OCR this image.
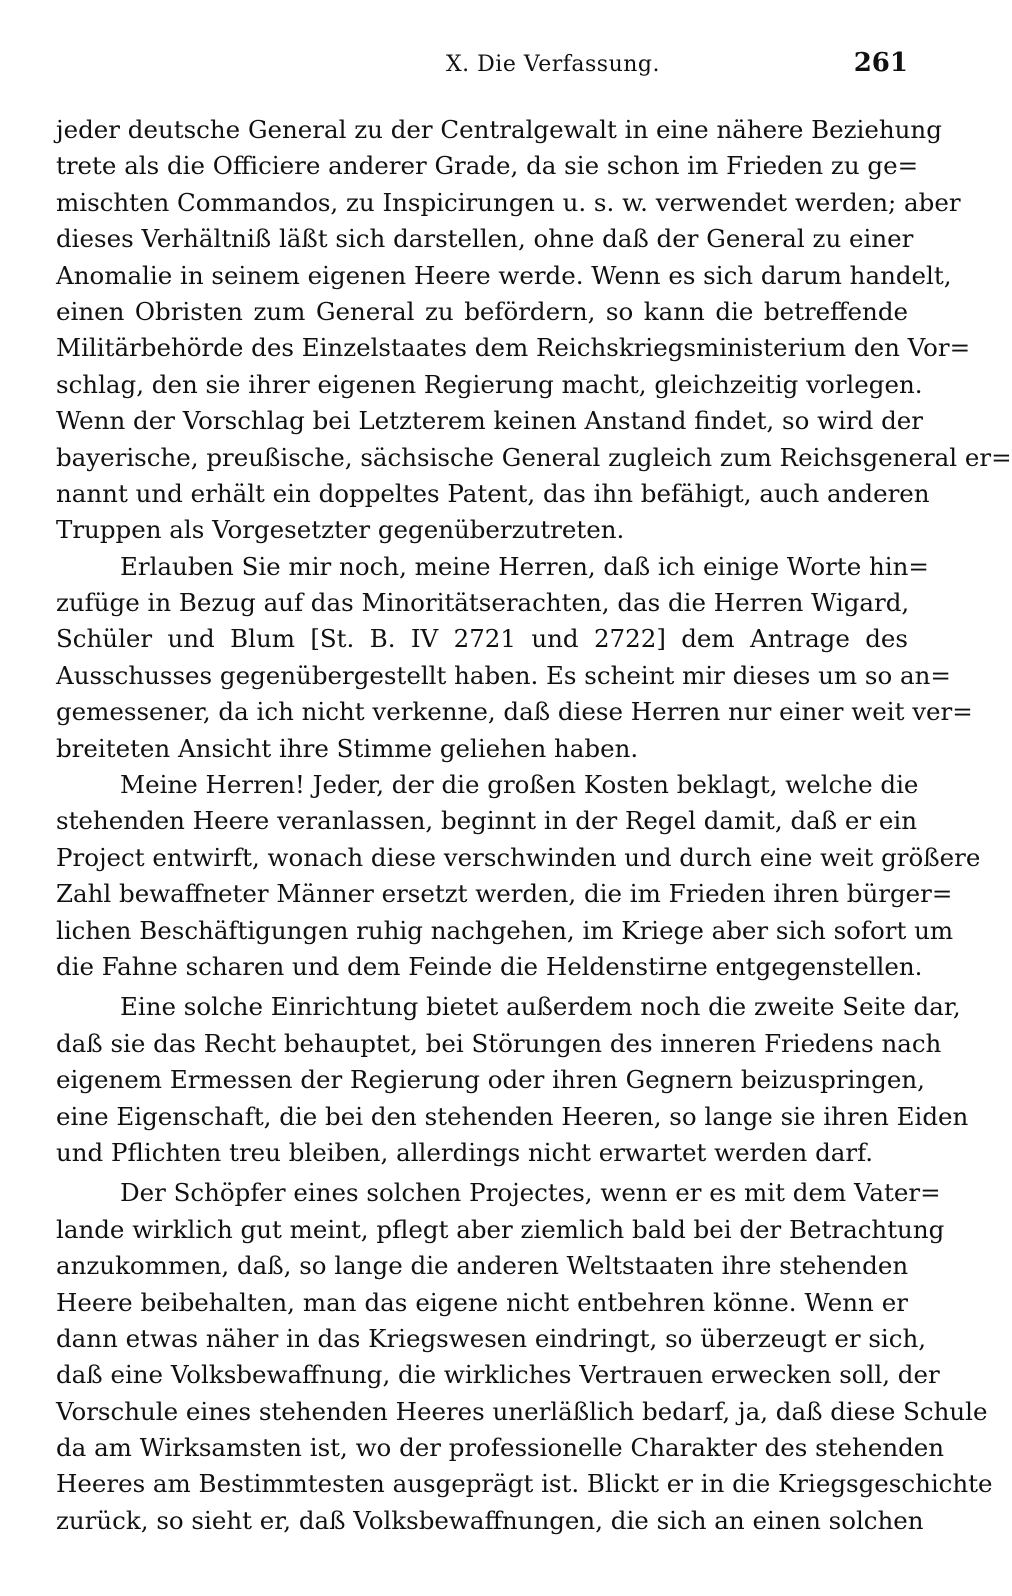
X. Die Verfassung.	261
jeder deutsche General zu der Centralgewalt in eine nähere Beziehung
trete als die Officiere anderer Grade, da sie schon im Frieden zu ge=
mischten Commandos, zu Inspicirungen u. s. w. verwendet werden; aber
dieses Verhältniß läßt sich darstellen, ohne daß der General zu einer
Anomalie in seinem eigenen Heere werde. Wenn es sich darum handelt,
einen Obristen zum General zu befördern, so kann die betreffende
Militärbehörde des Einzelstaates dem Reichskriegsministerium den Vor=
schlag, den sie ihrer eigenen Regierung macht, gleichzeitig vorlegen.
Wenn der Vorschlag bei Letzterem keinen Anstand findet, so wird der
bayerische, preußische, sächsische General zugleich zum Reichsgeneral er=
nannt und erhält ein doppeltes Patent, das ihn befähigt, auch anderen
Truppen als Vorgesetzter gegenüberzutreten.
Erlauben Sie mir noch, meine Herren, daß ich einige Worte hin=
zufüge in Bezug auf das Minoritätserachten, das die Herren Wigard,
Schüler und Blum [St. B. IV 2721 und 2722] dem Antrage des
Ausschusses gegenübergestellt haben. Es scheint mir dieses um so an=
gemessener, da ich nicht verkenne, daß diese Herren nur einer weit ver=
breiteten Ansicht ihre Stimme geliehen haben.
Meine Herren! Jeder, der die großen Kosten beklagt, welche die
stehenden Heere veranlassen, beginnt in der Regel damit, daß er ein
Project entwirft, wonach diese verschwinden und durch eine weit größere
Zahl bewaffneter Männer ersetzt werden, die im Frieden ihren bürger=
lichen Beschäftigungen ruhig nachgehen, im Kriege aber sich sofort um
die Fahne scharen und dem Feinde die Heldenstirne entgegenstellen.
Eine solche Einrichtung bietet außerdem noch die zweite Seite dar,
daß sie das Recht behauptet, bei Störungen des inneren Friedens nach
eigenem Ermessen der Regierung oder ihren Gegnern beizuspringen,
eine Eigenschaft, die bei den stehenden Heeren, so lange sie ihren Eiden
und Pflichten treu bleiben, allerdings nicht erwartet werden darf.
Der Schöpfer eines solchen Projectes, wenn er es mit dem Vater=
lande wirklich gut meint, pflegt aber ziemlich bald bei der Betrachtung
anzukommen, daß, so lange die anderen Weltstaaten ihre stehenden
Heere beibehalten, man das eigene nicht entbehren könne. Wenn er
dann etwas näher in das Kriegswesen eindringt, so überzeugt er sich,
daß eine Volksbewaffnung, die wirkliches Vertrauen erwecken soll, der
Vorschule eines stehenden Heeres unerläßlich bedarf, ja, daß diese Schule
da am Wirksamsten ist, wo der professionelle Charakter des stehenden
Heeres am Bestimmtesten ausgeprägt ist. Blickt er in die Kriegsgeschichte
zurück, so sieht er, daß Volksbewaffnungen, die sich an einen solchen
